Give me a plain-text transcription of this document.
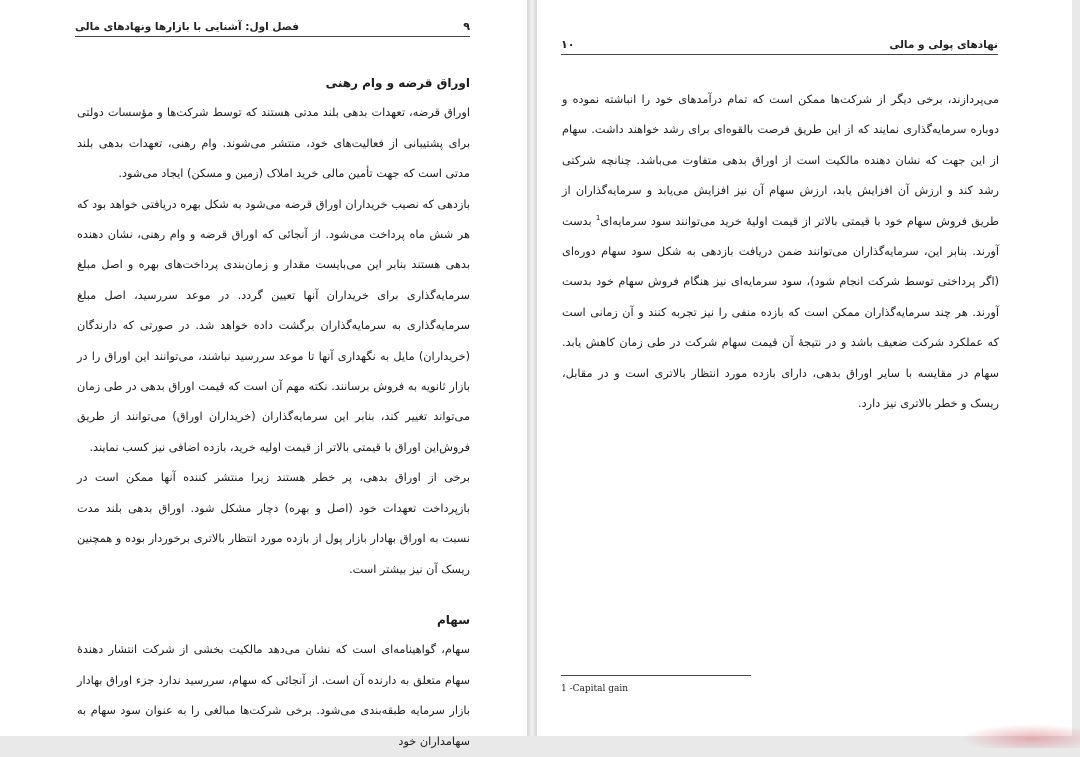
فصل اول: آشنایی با بازارها ونهادهای مالی	۹
اوراق قرضه و وام رهنی

اوراق قرضه، تعهدات بدهی بلند مدتی هستند که توسط شرکت‌ها و مؤسسات دولتی برای پشتیبانی از فعالیت‌های خود، منتشر می‌شوند. وام رهنی، تعهدات بدهی بلند مدتی است که جهت تأمین مالی خرید املاک (زمین و مسکن) ایجاد می‌شود.

بازدهی که نصیب خریداران اوراق قرضه می‌شود به شکل بهره دریافتی خواهد بود که هر شش ماه پرداخت می‌شود. از آنجائی که اوراق قرضه و وام رهنی، نشان دهنده بدهی هستند بنابر این می‌بایست مقدار و زمان‌بندی پرداخت‌های بهره و اصل مبلغ سرمایه‌گذاری برای خریداران آنها تعیین گردد. در موعد سررسید، اصل مبلغ سرمایه‌گذاری به سرمایه‌گذاران برگشت داده خواهد شد. در صورتی که دارندگان (خریداران) مایل به نگهداری آنها تا موعد سررسید نباشند، می‌توانند این اوراق را در بازار ثانویه به فروش برسانند. نکته مهم آن است که قیمت اوراق بدهی در طی زمان می‌تواند تغییر کند، بنابر این سرمایه‌گذاران (خریداران اوراق) می‌توانند از طریق فروش‌این اوراق با قیمتی بالاتر از قیمت اولیه خرید، بازده اضافی نیز کسب نمایند.

برخی از اوراق بدهی، پر خطر هستند زیرا منتشر کننده آنها ممکن است در بازپرداخت تعهدات خود (اصل و بهره) دچار مشکل شود. اوراق بدهی بلند مدت نسبت به اوراق بهادار بازار پول از بازده مورد انتظار بالاتری برخوردار بوده و همچنین ریسک آن نیز بیشتر است.

سهام

سهام، گواهینامه‌ای است که نشان می‌دهد مالکیت بخشی از شرکت انتشار دهندهٔ سهام متعلق به دارنده آن است. از آنجائی که سهام، سررسید ندارد جزء اوراق بهادار بازار سرمایه طبقه‌بندی می‌شود. برخی شرکت‌ها مبالغی را به عنوان سود سهام به سهامداران خود

۱۰	نهادهای پولی و مالی

می‌پردازند، برخی دیگر از شرکت‌ها ممکن است که تمام درآمدهای خود را انباشته نموده و دوباره سرمایه‌گذاری نمایند که از این طریق فرصت بالقوه‌ای برای رشد خواهند داشت. سهام از این جهت که نشان دهنده مالکیت است از اوراق بدهی متفاوت می‌باشد. چنانچه شرکتی رشد کند و ارزش آن افزایش یابد، ارزش سهام آن نیز افزایش می‌یابد و سرمایه‌گذاران از طریق فروش سهام خود با قیمتی بالاتر از قیمت اولیهٔ خرید می‌توانند سود سرمایه‌ای$^1$ بدست آورند. بنابر این، سرمایه‌گذاران می‌توانند ضمن دریافت بازدهی به شکل سود سهام دوره‌ای (اگر پرداختی توسط شرکت انجام شود)، سود سرمایه‌ای نیز هنگام فروش سهام خود بدست آورند. هر چند سرمایه‌گذاران ممکن است که بازده منفی را نیز تجربه کنند و آن زمانی است که عملکرد شرکت ضعیف باشد و در نتیجهٔ آن قیمت سهام شرکت در طی زمان کاهش یابد. سهام در مقایسه با سایر اوراق بدهی، دارای بازده مورد انتظار بالاتری است و در مقابل، ریسک و خطر بالاتری نیز دارد.

1 -Capital gain
